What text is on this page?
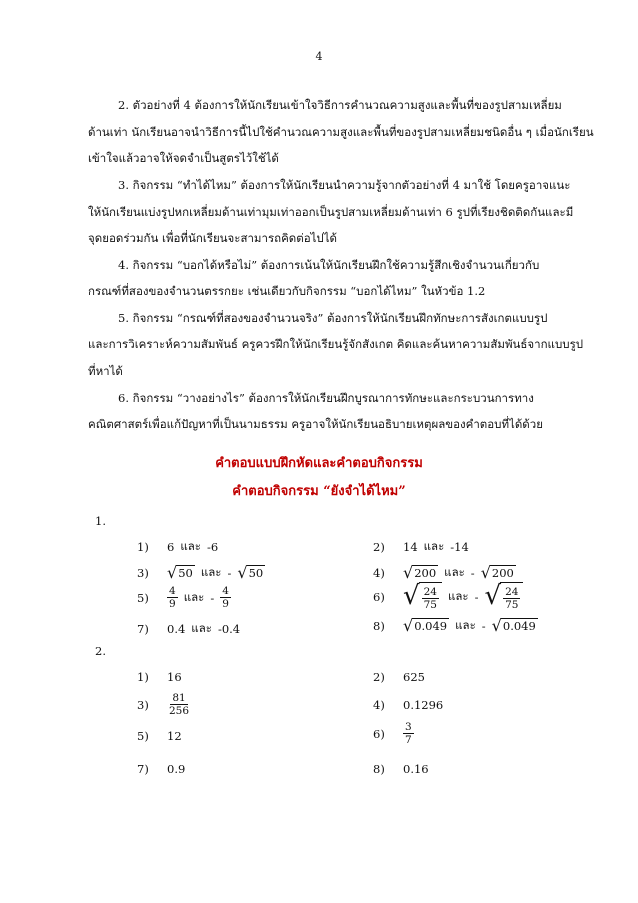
4
2. ตัวอย่างที่ 4 ต้องการให้นักเรียนเข้าใจวิธีการคำนวณความสูงและพื้นที่ของรูปสามเหลี่ยม
ด้านเท่า นักเรียนอาจนำวิธีการนี้ไปใช้คำนวณความสูงและพื้นที่ของรูปสามเหลี่ยมชนิดอื่น ๆ เมื่อนักเรียน
เข้าใจแล้วอาจให้จดจำเป็นสูตรไว้ใช้ได้
3. กิจกรรม “ทำได้ไหม” ต้องการให้นักเรียนนำความรู้จากตัวอย่างที่ 4 มาใช้ โดยครูอาจแนะ
ให้นักเรียนแบ่งรูปหกเหลี่ยมด้านเท่ามุมเท่าออกเป็นรูปสามเหลี่ยมด้านเท่า 6 รูปที่เรียงชิดติดกันและมี
จุดยอดร่วมกัน เพื่อที่นักเรียนจะสามารถคิดต่อไปได้
4. กิจกรรม “บอกได้หรือไม่” ต้องการเน้นให้นักเรียนฝึกใช้ความรู้สึกเชิงจำนวนเกี่ยวกับ
กรณฑ์ที่สองของจำนวนตรรกยะ เช่นเดียวกับกิจกรรม “บอกได้ไหม” ในหัวข้อ 1.2
5. กิจกรรม “กรณฑ์ที่สองของจำนวนจริง” ต้องการให้นักเรียนฝึกทักษะการสังเกตแบบรูป
และการวิเคราะห์ความสัมพันธ์ ครูควรฝึกให้นักเรียนรู้จักสังเกต คิดและค้นหาความสัมพันธ์จากแบบรูป
ที่หาได้
6. กิจกรรม “วางอย่างไร” ต้องการให้นักเรียนฝึกบูรณาการทักษะและกระบวนการทาง
คณิตศาสตร์เพื่อแก้ปัญหาที่เป็นนามธรรม ครูอาจให้นักเรียนอธิบายเหตุผลของคำตอบที่ได้ด้วย
คำตอบแบบฝึกหัดและคำตอบกิจกรรม
คำตอบกิจกรรม “ยังจำได้ไหม”
1.
1)	6 และ -6	2)	14 และ -14
3)	√ 50 และ - √ 50	4)	√ 200 และ - √ 200
5)	$\frac{4}{9}$ และ - $\frac{4}{9}$	6) √ $\frac{24}{75}$ และ - √ $\frac{24}{75}$
7)	0.4 และ -0.4	8)	√ 0.049 และ - √ 0.049
2.
1)	16	2)	625
3)	$\frac{81}{256}$	4)	0.1296
5)	12	6)	$\frac{3}{7}$
7)	0.9	8)	0.16
